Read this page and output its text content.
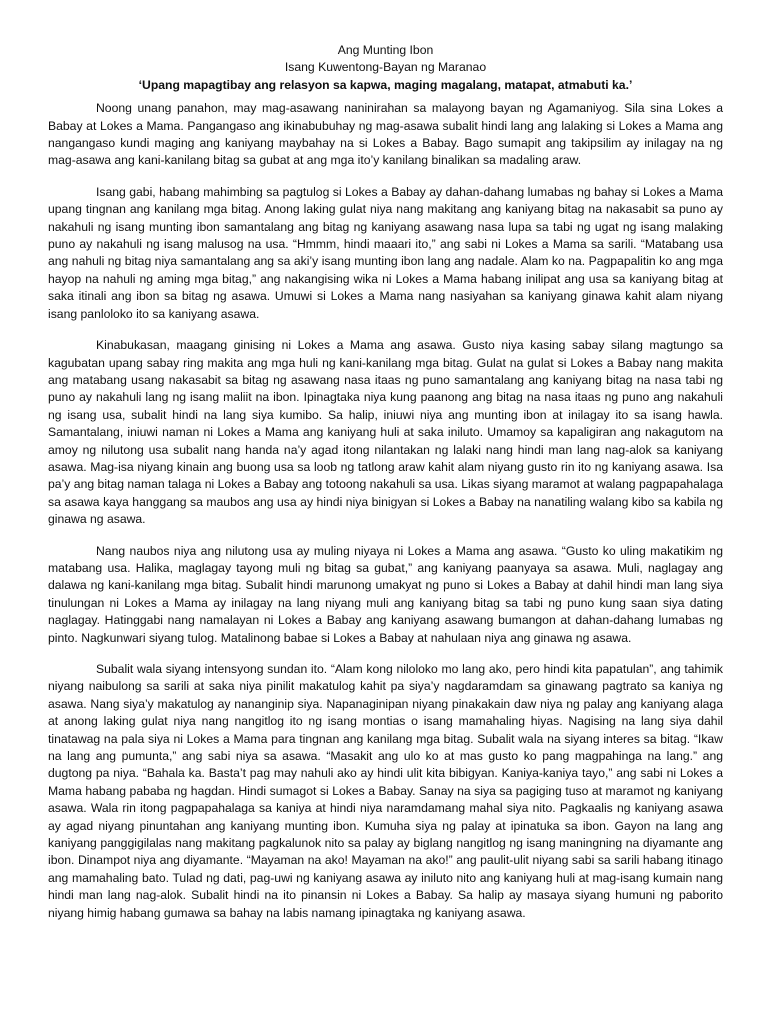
Ang Munting Ibon
Isang Kuwentong-Bayan ng Maranao
‘Upang mapagtibay ang relasyon sa kapwa, maging magalang, matapat, atmabuti ka.’

Noong unang panahon, may mag-asawang naninirahan sa malayong bayan ng Agamaniyog. Sila sina Lokes a Babay at Lokes a Mama. Pangangaso ang ikinabubuhay ng mag-asawa subalit hindi lang ang lalaking si Lokes a Mama ang nangangaso kundi maging ang kaniyang maybahay na si Lokes a Babay. Bago sumapit ang takipsilim ay inilagay na ng mag-asawa ang kani-kanilang bitag sa gubat at ang mga ito’y kanilang binalikan sa madaling araw.

Isang gabi, habang mahimbing sa pagtulog si Lokes a Babay ay dahan-dahang lumabas ng bahay si Lokes a Mama upang tingnan ang kanilang mga bitag. Anong laking gulat niya nang makitang ang kaniyang bitag na nakasabit sa puno ay nakahuli ng isang munting ibon samantalang ang bitag ng kaniyang asawang nasa lupa sa tabi ng ugat ng isang malaking puno ay nakahuli ng isang malusog na usa. “Hmmm, hindi maaari ito,” ang sabi ni Lokes a Mama sa sarili. “Matabang usa ang nahuli ng bitag niya samantalang ang sa aki’y isang munting ibon lang ang nadale. Alam ko na. Pagpapalitin ko ang mga hayop na nahuli ng aming mga bitag,” ang nakangising wika ni Lokes a Mama habang inilipat ang usa sa kaniyang bitag at saka itinali ang ibon sa bitag ng asawa. Umuwi si Lokes a Mama nang nasiyahan sa kaniyang ginawa kahit alam niyang isang panloloko ito sa kaniyang asawa.

Kinabukasan, maagang ginising ni Lokes a Mama ang asawa. Gusto niya kasing sabay silang magtungo sa kagubatan upang sabay ring makita ang mga huli ng kani-kanilang mga bitag. Gulat na gulat si Lokes a Babay nang makita ang matabang usang nakasabit sa bitag ng asawang nasa itaas ng puno samantalang ang kaniyang bitag na nasa tabi ng puno ay nakahuli lang ng isang maliit na ibon. Ipinagtaka niya kung paanong ang bitag na nasa itaas ng puno ang nakahuli ng isang usa, subalit hindi na lang siya kumibo. Sa halip, iniuwi niya ang munting ibon at inilagay ito sa isang hawla. Samantalang, iniuwi naman ni Lokes a Mama ang kaniyang huli at saka iniluto. Umamoy sa kapaligiran ang nakagutom na amoy ng nilutong usa subalit nang handa na’y agad itong nilantakan ng lalaki nang hindi man lang nag-alok sa kaniyang asawa. Mag-isa niyang kinain ang buong usa sa loob ng tatlong araw kahit alam niyang gusto rin ito ng kaniyang asawa. Isa pa’y ang bitag naman talaga ni Lokes a Babay ang totoong nakahuli sa usa. Likas siyang maramot at walang pagpapahalaga sa asawa kaya hanggang sa maubos ang usa ay hindi niya binigyan si Lokes a Babay na nanatiling walang kibo sa kabila ng ginawa ng asawa.

Nang naubos niya ang nilutong usa ay muling niyaya ni Lokes a Mama ang asawa. “Gusto ko uling makatikim ng matabang usa. Halika, maglagay tayong muli ng bitag sa gubat,” ang kaniyang paanyaya sa asawa. Muli, naglagay ang dalawa ng kani-kanilang mga bitag. Subalit hindi marunong umakyat ng puno si Lokes a Babay at dahil hindi man lang siya tinulungan ni Lokes a Mama ay inilagay na lang niyang muli ang kaniyang bitag sa tabi ng puno kung saan siya dating naglagay. Hatinggabi nang namalayan ni Lokes a Babay ang kaniyang asawang bumangon at dahan-dahang lumabas ng pinto. Nagkunwari siyang tulog. Matalinong babae si Lokes a Babay at nahulaan niya ang ginawa ng asawa.

Subalit wala siyang intensyong sundan ito. “Alam kong niloloko mo lang ako, pero hindi kita papatulan”, ang tahimik niyang naibulong sa sarili at saka niya pinilit makatulog kahit pa siya’y nagdaramdam sa ginawang pagtrato sa kaniya ng asawa. Nang siya’y makatulog ay nananginip siya. Napanaginipan niyang pinakakain daw niya ng palay ang kaniyang alaga at anong laking gulat niya nang nangitlog ito ng isang montias o isang mamahaling hiyas. Nagising na lang siya dahil tinatawag na pala siya ni Lokes a Mama para tingnan ang kanilang mga bitag. Subalit wala na siyang interes sa bitag. “Ikaw na lang ang pumunta,” ang sabi niya sa asawa. “Masakit ang ulo ko at mas gusto ko pang magpahinga na lang.” ang dugtong pa niya. “Bahala ka. Basta’t pag may nahuli ako ay hindi ulit kita bibigyan. Kaniya-kaniya tayo,” ang sabi ni Lokes a Mama habang pababa ng hagdan. Hindi sumagot si Lokes a Babay. Sanay na siya sa pagiging tuso at maramot ng kaniyang asawa. Wala rin itong pagpapahalaga sa kaniya at hindi niya naramdamang mahal siya nito. Pagkaalis ng kaniyang asawa ay agad niyang pinuntahan ang kaniyang munting ibon. Kumuha siya ng palay at ipinatuka sa ibon. Gayon na lang ang kaniyang panggigilalas nang makitang pagkalunok nito sa palay ay biglang nangitlog ng isang maningning na diyamante ang ibon. Dinampot niya ang diyamante. “Mayaman na ako! Mayaman na ako!” ang paulit-ulit niyang sabi sa sarili habang itinago ang mamahaling bato. Tulad ng dati, pag-uwi ng kaniyang asawa ay iniluto nito ang kaniyang huli at mag-isang kumain nang hindi man lang nag-alok. Subalit hindi na ito pinansin ni Lokes a Babay. Sa halip ay masaya siyang humuni ng paborito niyang himig habang gumawa sa bahay na labis namang ipinagtaka ng kaniyang asawa.
